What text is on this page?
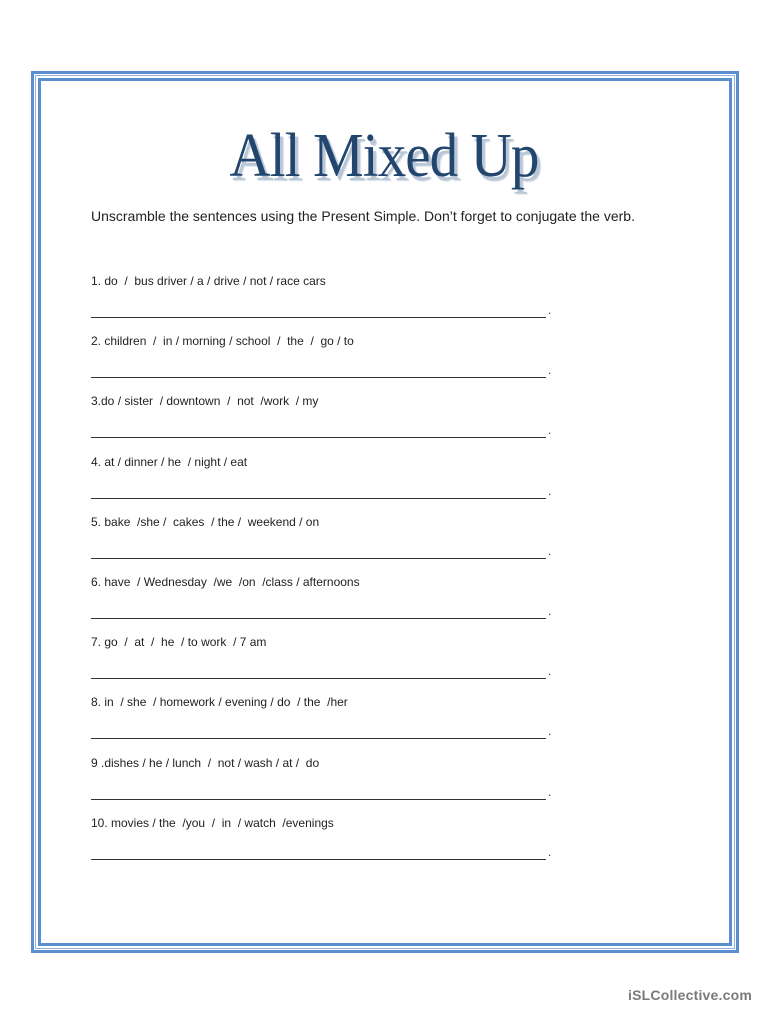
All Mixed Up
Unscramble the sentences using the Present Simple. Don’t forget to conjugate the verb.
1. do  /  bus driver / a / drive / not / race cars
.
2. children  /  in / morning / school  /  the  /  go / to
.
3.do / sister  / downtown  /  not  /work  / my
.
4. at / dinner / he  / night / eat
.
5. bake  /she /  cakes  / the /  weekend / on
.
6. have  / Wednesday  /we  /on  /class / afternoons
.
7. go  /  at  /  he  / to work  / 7 am
.
8. in  / she  / homework / evening / do  / the  /her
.
9 .dishes / he / lunch  /  not / wash / at /  do
.
10. movies / the  /you  /  in  / watch  /evenings
.
iSLCollective.com
